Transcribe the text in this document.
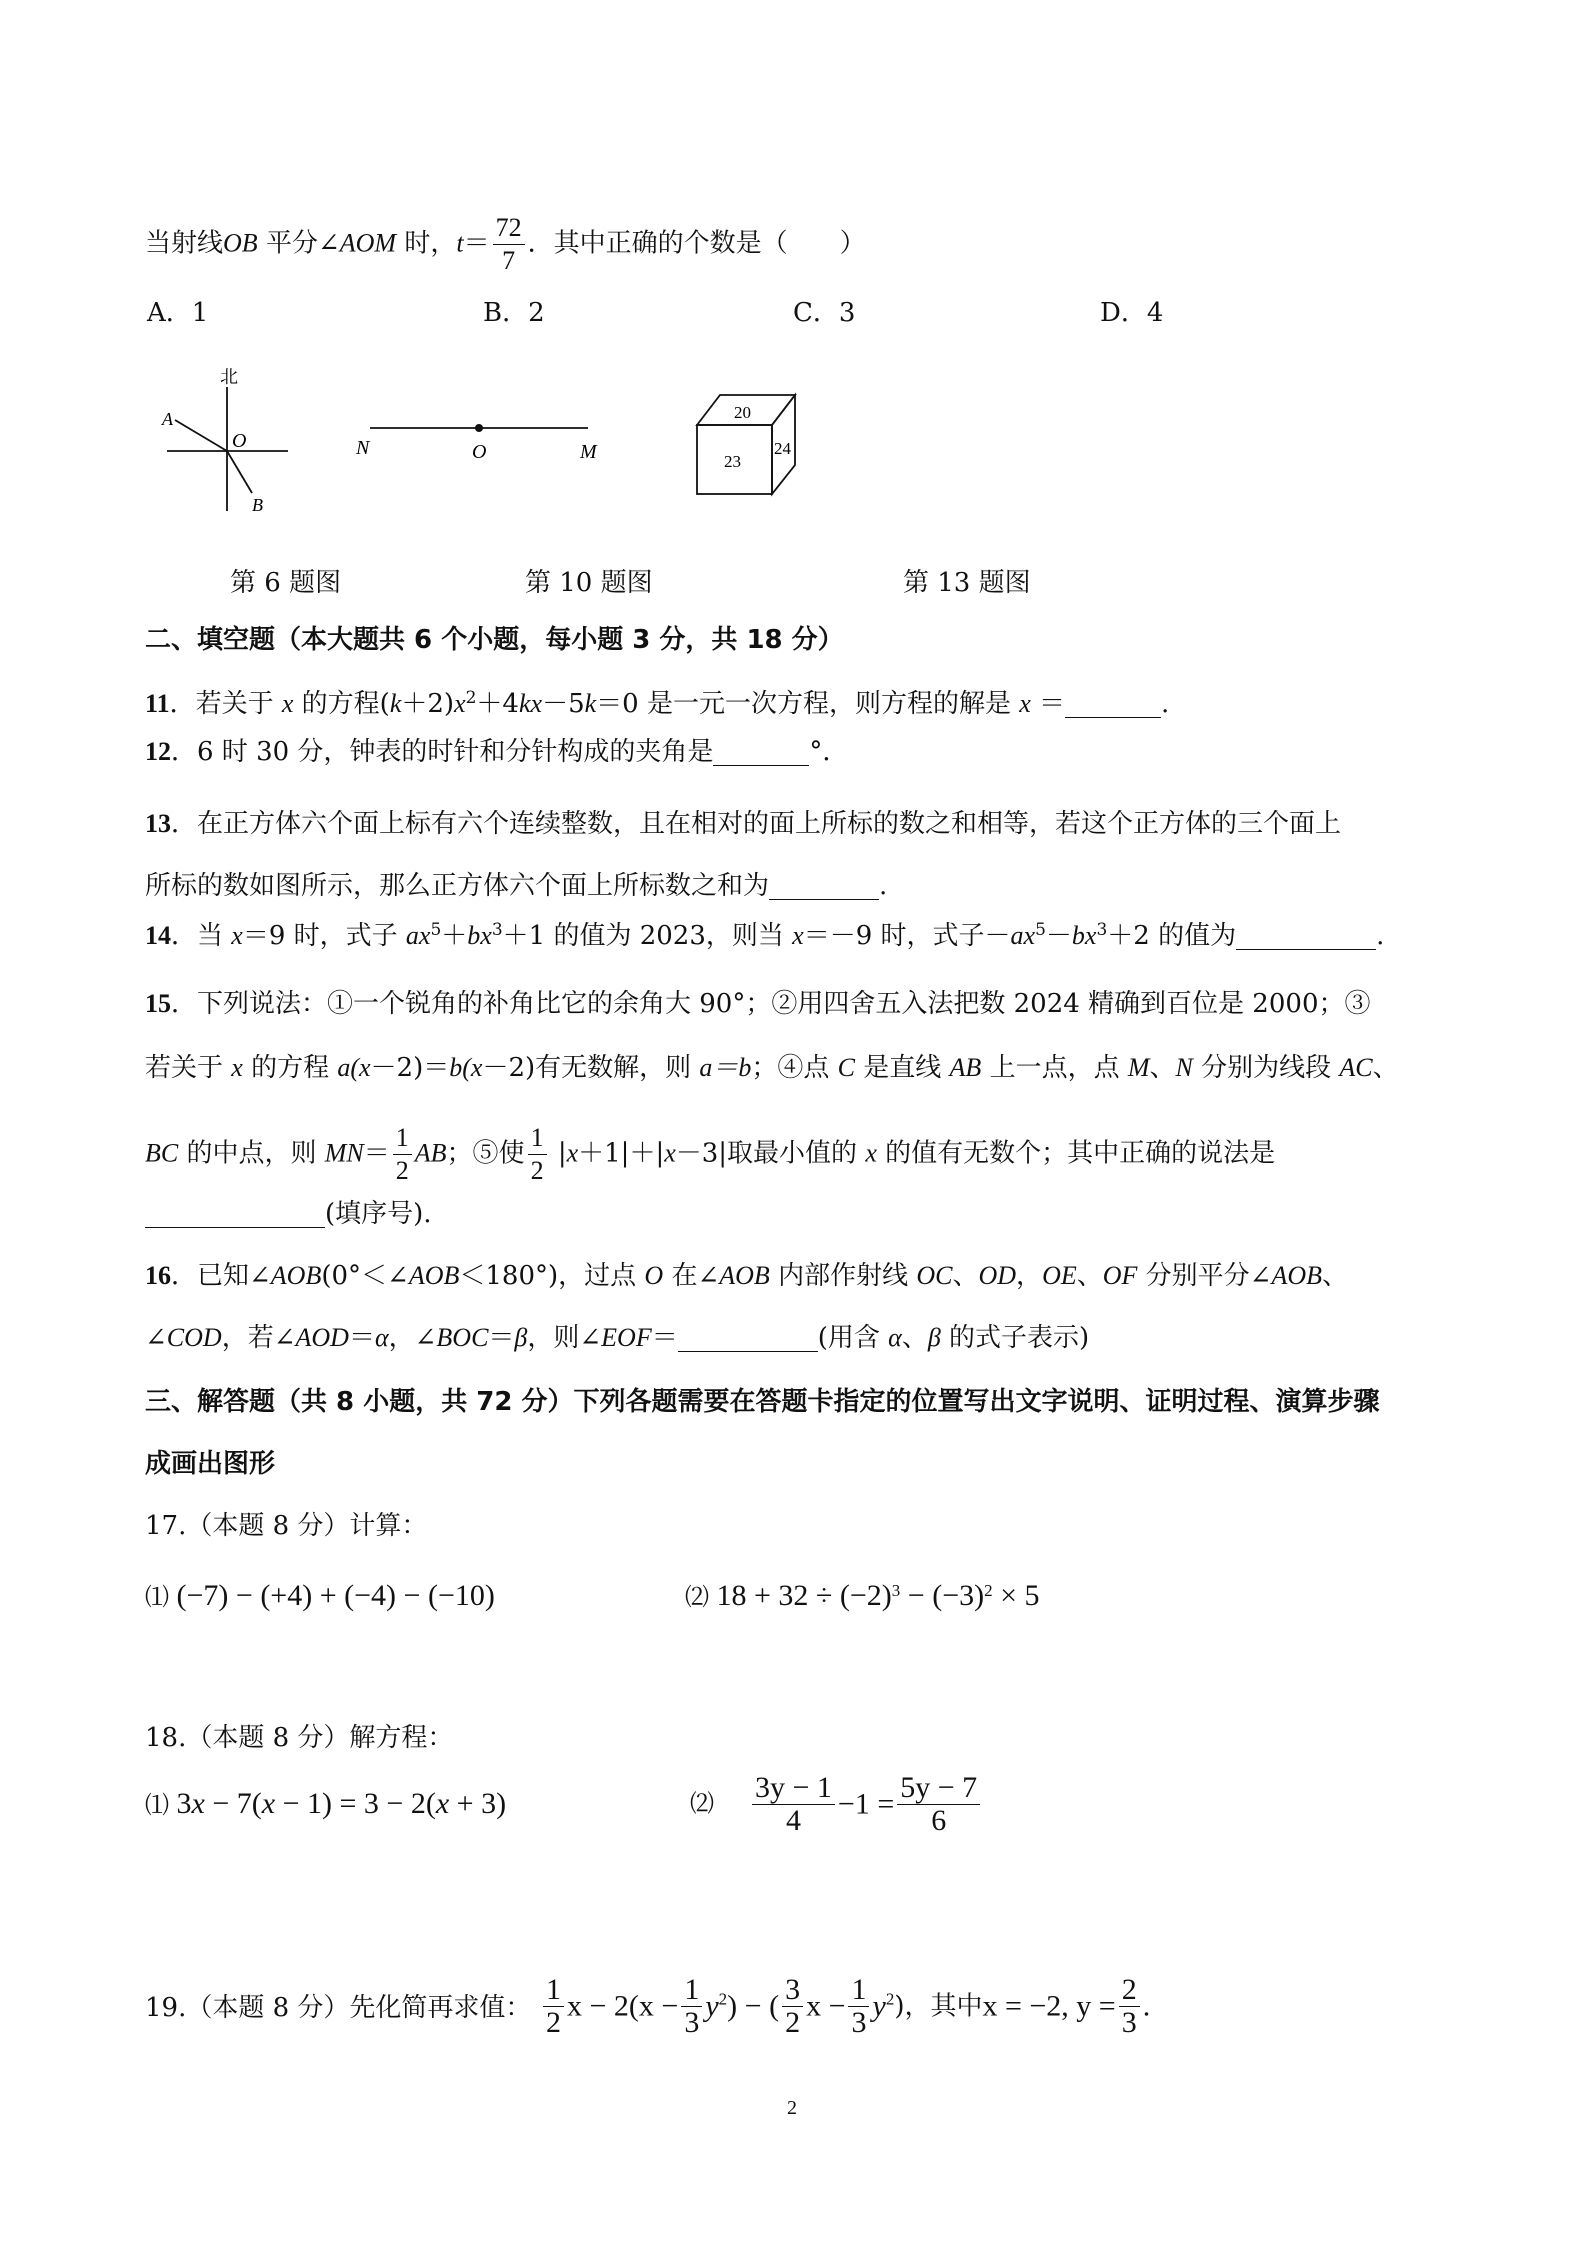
当射线OB 平分∠AOM 时，$t= \frac{72}{7}$ ．其中正确的个数是（　　）
A．1	B．2	C．3	D．4
北
A
O
B
N	O	M
20
23
24
第 6 题图	第 10 题图	第 13 题图
二、填空题（本大题共 6 个小题，每小题 3 分，共 18 分）
11．若关于 x 的方程$(k+2)x^2+4kx-5k=0$ 是一元一次方程，则方程的解是 x ＝	.
12．6 时 30 分，钟表的时针和分针构成的夹角是	°．
13．在正方体六个面上标有六个连续整数，且在相对的面上所标的数之和相等，若这个正方体的三个面上
所标的数如图所示，那么正方体六个面上所标数之和为	.
14．当 x＝9 时，式子 $ax^5+bx^3+1$ 的值为 2023，则当 x＝－9 时，式子$-ax^5-bx^3+2$ 的值为	.
15．下列说法：①一个锐角的补角比它的余角大 90°；②用四舍五入法把数 2024 精确到百位是 2000；③
若关于 x 的方程 a(x－2)＝b(x－2)有无数解，则 a＝b；④点 C 是直线 AB 上一点，点 M、N 分别为线段 AC、
BC 的中点，则 $MN= \frac{1}{2}$ AB；⑤使 $\frac{1}{2} |x+1|+|x-3|$取最小值的 x 的值有无数个；其中正确的说法是
(填序号).
16．已知∠AOB(0°＜∠AOB＜180°)，过点 O 在∠AOB 内部作射线 OC、OD，OE、OF 分别平分∠AOB、
∠COD，若∠AOD＝α，∠BOC＝β，则∠EOF＝	(用含 α、β 的式子表示)
三、解答题（共 8 小题，共 72 分）下列各题需要在答题卡指定的位置写出文字说明、证明过程、演算步骤
成画出图形
17.（本题 8 分）计算：
⑴ (−7) − (+4) + (−4) − (−10)	⑵ $18 + 32 \div (-2)^3 - (-3)^2 \times 5$
18.（本题 8 分）解方程：
⑴ 3x − 7(x − 1) = 3 − 2(x + 3)	⑵ $\frac{3y - 1}{4} -1 = \frac{5y - 7}{6}$
19.（本题 8 分）先化简再求值： $\frac{1}{2}$ $x - 2(x - \frac{1}{3} y^2)$ − ( $\frac{3}{2}$ $x - \frac{1}{3} y^2$)，其中x = −2, $y = \frac{2}{3}$ .
2
